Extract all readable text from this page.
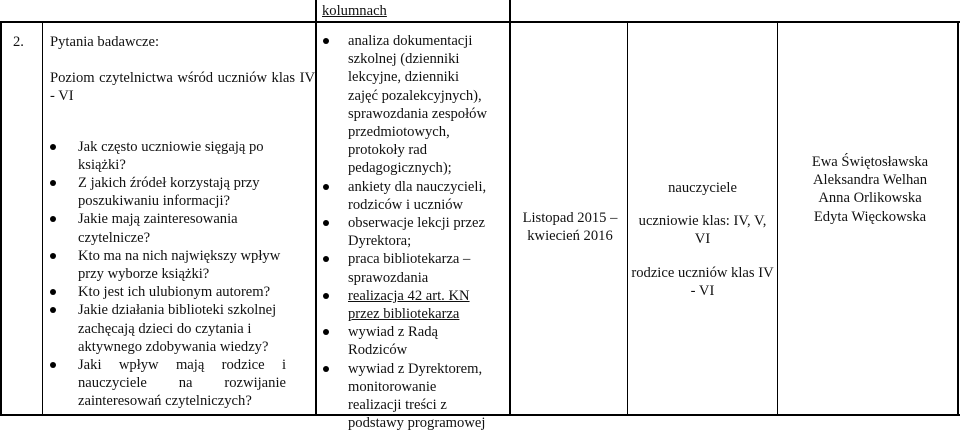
kolumnach
2. Pytania badawcze:

Poziom czytelnictwa wśród uczniów klas IV - VI

Jak często uczniowie sięgają po książki?
Z jakich źródeł korzystają przy poszukiwaniu informacji?
Jakie mają zainteresowania czytelnicze?
Kto ma na nich największy wpływ przy wyborze książki?
Kto jest ich ulubionym autorem?
Jakie działania biblioteki szkolnej zachęcają dzieci do czytania i aktywnego zdobywania wiedzy?
Jaki wpływ mają rodzice i nauczyciele na rozwijanie zainteresowań czytelniczych?
analiza dokumentacji szkolnej (dzienniki lekcyjne, dzienniki zajęć pozalekcyjnych), sprawozdania zespołów przedmiotowych, protokoły rad pedagogicznych);
ankiety dla nauczycieli, rodziców i uczniów
obserwacje lekcji przez Dyrektora;
praca bibliotekarza – sprawozdania
realizacja 42 art. KN przez bibliotekarza
wywiad z Radą Rodziców
wywiad z Dyrektorem, monitorowanie realizacji treści z podstawy programowej
Listopad 2015 – kwiecień 2016

nauczyciele

uczniowie klas: IV, V, VI

rodzice uczniów klas IV - VI

Ewa Świętosławska

Aleksandra Welhan

Anna Orlikowska

Edyta Więckowska
